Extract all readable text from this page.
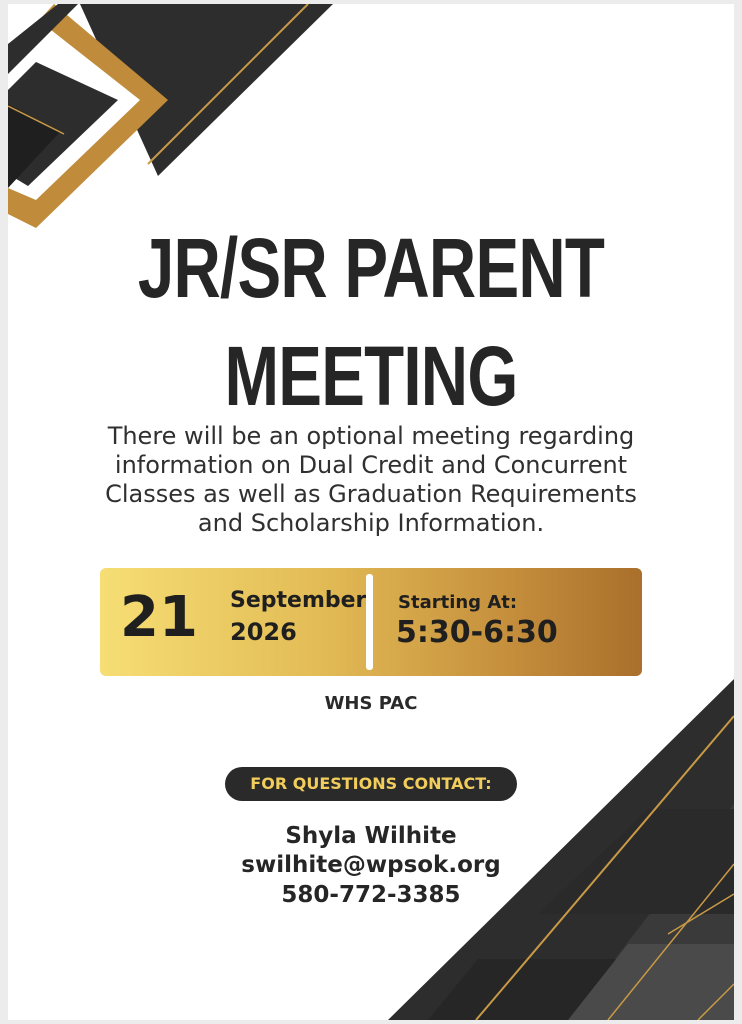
JR/SR PARENT
MEETING
There will be an optional meeting regarding information on Dual Credit and Concurrent Classes as well as Graduation Requirements and Scholarship Information.
21 September
2026
Starting At:
5:30-6:30
WHS PAC
FOR QUESTIONS CONTACT:
Shyla Wilhite
swilhite@wpsok.org
580-772-3385
